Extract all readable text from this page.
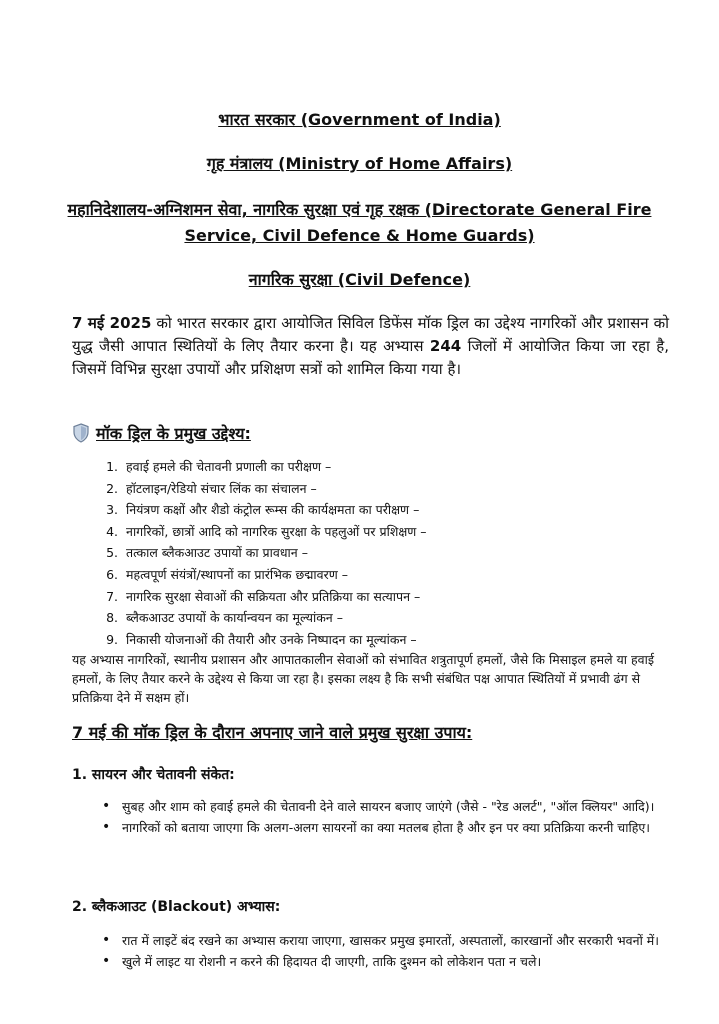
भारत सरकार (Government of India)

गृह मंत्रालय (Ministry of Home Affairs)

महानिदेशालय-अग्निशमन सेवा, नागरिक सुरक्षा एवं गृह रक्षक (Directorate General Fire Service, Civil Defence & Home Guards)

नागरिक सुरक्षा (Civil Defence)

7 मई 2025 को भारत सरकार द्वारा आयोजित सिविल डिफेंस मॉक ड्रिल का उद्देश्य नागरिकों और प्रशासन को युद्ध जैसी आपात स्थितियों के लिए तैयार करना है। यह अभ्यास 244 जिलों में आयोजित किया जा रहा है, जिसमें विभिन्न सुरक्षा उपायों और प्रशिक्षण सत्रों को शामिल किया गया है।

मॉक ड्रिल के प्रमुख उद्देश्य:
1. हवाई हमले की चेतावनी प्रणाली का परीक्षण –
2. हॉटलाइन/रेडियो संचार लिंक का संचालन –
3. नियंत्रण कक्षों और शैडो कंट्रोल रूम्स की कार्यक्षमता का परीक्षण –
4. नागरिकों, छात्रों आदि को नागरिक सुरक्षा के पहलुओं पर प्रशिक्षण –
5. तत्काल ब्लैकआउट उपायों का प्रावधान –
6. महत्वपूर्ण संयंत्रों/स्थापनों का प्रारंभिक छद्मावरण –
7. नागरिक सुरक्षा सेवाओं की सक्रियता और प्रतिक्रिया का सत्यापन –
8. ब्लैकआउट उपायों के कार्यान्वयन का मूल्यांकन –
9. निकासी योजनाओं की तैयारी और उनके निष्पादन का मूल्यांकन –

यह अभ्यास नागरिकों, स्थानीय प्रशासन और आपातकालीन सेवाओं को संभावित शत्रुतापूर्ण हमलों, जैसे कि मिसाइल हमले या हवाई हमलों, के लिए तैयार करने के उद्देश्य से किया जा रहा है। इसका लक्ष्य है कि सभी संबंधित पक्ष आपात स्थितियों में प्रभावी ढंग से प्रतिक्रिया देने में सक्षम हों।

7 मई की मॉक ड्रिल के दौरान अपनाए जाने वाले प्रमुख सुरक्षा उपाय:
1. सायरन और चेतावनी संकेत:
• सुबह और शाम को हवाई हमले की चेतावनी देने वाले सायरन बजाए जाएंगे (जैसे - "रेड अलर्ट", "ऑल क्लियर" आदि)।
• नागरिकों को बताया जाएगा कि अलग-अलग सायरनों का क्या मतलब होता है और इन पर क्या प्रतिक्रिया करनी चाहिए।
2. ब्लैकआउट (Blackout) अभ्यास:
• रात में लाइटें बंद रखने का अभ्यास कराया जाएगा, खासकर प्रमुख इमारतों, अस्पतालों, कारखानों और सरकारी भवनों में।
• खुले में लाइट या रोशनी न करने की हिदायत दी जाएगी, ताकि दुश्मन को लोकेशन पता न चले।
